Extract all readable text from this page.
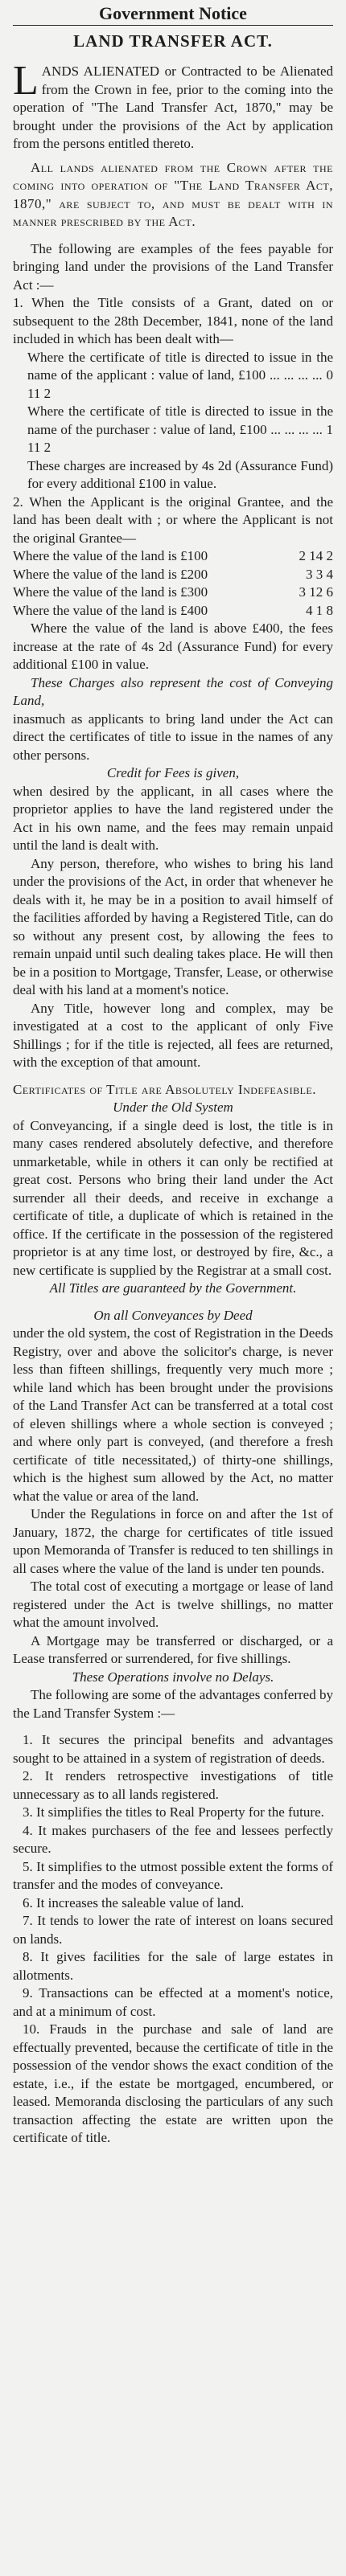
Government Notice
LAND TRANSFER ACT.

LANDS ALIENATED or Contracted to be Alienated from the Crown in fee, prior to the coming into the operation of "The Land Transfer Act, 1870," may be brought under the provisions of the Act by application from the persons entitled thereto.

All lands alienated from the Crown after the coming into operation of "The Land Transfer Act, 1870," are subject to, and must be dealt with in manner prescribed by the Act.

The following are examples of the fees payable for bringing land under the provisions of the Land Transfer Act :—

1. When the Title consists of a Grant, dated on or subsequent to the 28th December, 1841, none of the land included in which has been dealt with—

Where the certificate of title is directed to issue in the name of the applicant : value of land, £100 ... ... ... ... 0 11 2

Where the certificate of title is directed to issue in the name of the purchaser : value of land, £100 ... ... ... ... 1 11 2

These charges are increased by 4s 2d (Assurance Fund) for every additional £100 in value.

2. When the Applicant is the original Grantee, and the land has been dealt with ; or where the Applicant is not the original Grantee—

Where the value of the land is £100	2 14 2

Where the value of the land is £200	3 3 4

Where the value of the land is £300	3 12 6

Where the value of the land is £400	4 1 8

Where the value of the land is above £400, the fees increase at the rate of 4s 2d (Assurance Fund) for every additional £100 in value.

These Charges also represent the cost of Conveying Land,

inasmuch as applicants to bring land under the Act can direct the certificates of title to issue in the names of any other persons.

Credit for Fees is given,

when desired by the applicant, in all cases where the proprietor applies to have the land registered under the Act in his own name, and the fees may remain unpaid until the land is dealt with.

Any person, therefore, who wishes to bring his land under the provisions of the Act, in order that whenever he deals with it, he may be in a position to avail himself of the facilities afforded by having a Registered Title, can do so without any present cost, by allowing the fees to remain unpaid until such dealing takes place. He will then be in a position to Mortgage, Transfer, Lease, or otherwise deal with his land at a moment's notice.

Any Title, however long and complex, may be investigated at a cost to the applicant of only Five Shillings ; for if the title is rejected, all fees are returned, with the exception of that amount.

Certificates of Title are Absolutely Indefeasible.

Under the Old System

of Conveyancing, if a single deed is lost, the title is in many cases rendered absolutely defective, and therefore unmarketable, while in others it can only be rectified at great cost. Persons who bring their land under the Act surrender all their deeds, and receive in exchange a certificate of title, a duplicate of which is retained in the office. If the certificate in the possession of the registered proprietor is at any time lost, or destroyed by fire, &c., a new certificate is supplied by the Registrar at a small cost.

All Titles are guaranteed by the Government.

On all Conveyances by Deed

under the old system, the cost of Registration in the Deeds Registry, over and above the solicitor's charge, is never less than fifteen shillings, frequently very much more ; while land which has been brought under the provisions of the Land Transfer Act can be transferred at a total cost of eleven shillings where a whole section is conveyed ; and where only part is conveyed, (and therefore a fresh certificate of title necessitated,) of thirty-one shillings, which is the highest sum allowed by the Act, no matter what the value or area of the land.

Under the Regulations in force on and after the 1st of January, 1872, the charge for certificates of title issued upon Memoranda of Transfer is reduced to ten shillings in all cases where the value of the land is under ten pounds.

The total cost of executing a mortgage or lease of land registered under the Act is twelve shillings, no matter what the amount involved.

A Mortgage may be transferred or discharged, or a Lease transferred or surrendered, for five shillings.

These Operations involve no Delays.

The following are some of the advantages conferred by the Land Transfer System :—

1. It secures the principal benefits and advantages sought to be attained in a system of registration of deeds.

2. It renders retrospective investigations of title unnecessary as to all lands registered.

3. It simplifies the titles to Real Property for the future.

4. It makes purchasers of the fee and lessees perfectly secure.

5. It simplifies to the utmost possible extent the forms of transfer and the modes of conveyance.

6. It increases the saleable value of land.

7. It tends to lower the rate of interest on loans secured on lands.

8. It gives facilities for the sale of large estates in allotments.

9. Transactions can be effected at a moment's notice, and at a minimum of cost.

10. Frauds in the purchase and sale of land are effectually prevented, because the certificate of title in the possession of the vendor shows the exact condition of the estate, i.e., if the estate be mortgaged, encumbered, or leased. Memoranda disclosing the particulars of any such transaction affecting the estate are written upon the certificate of title.
